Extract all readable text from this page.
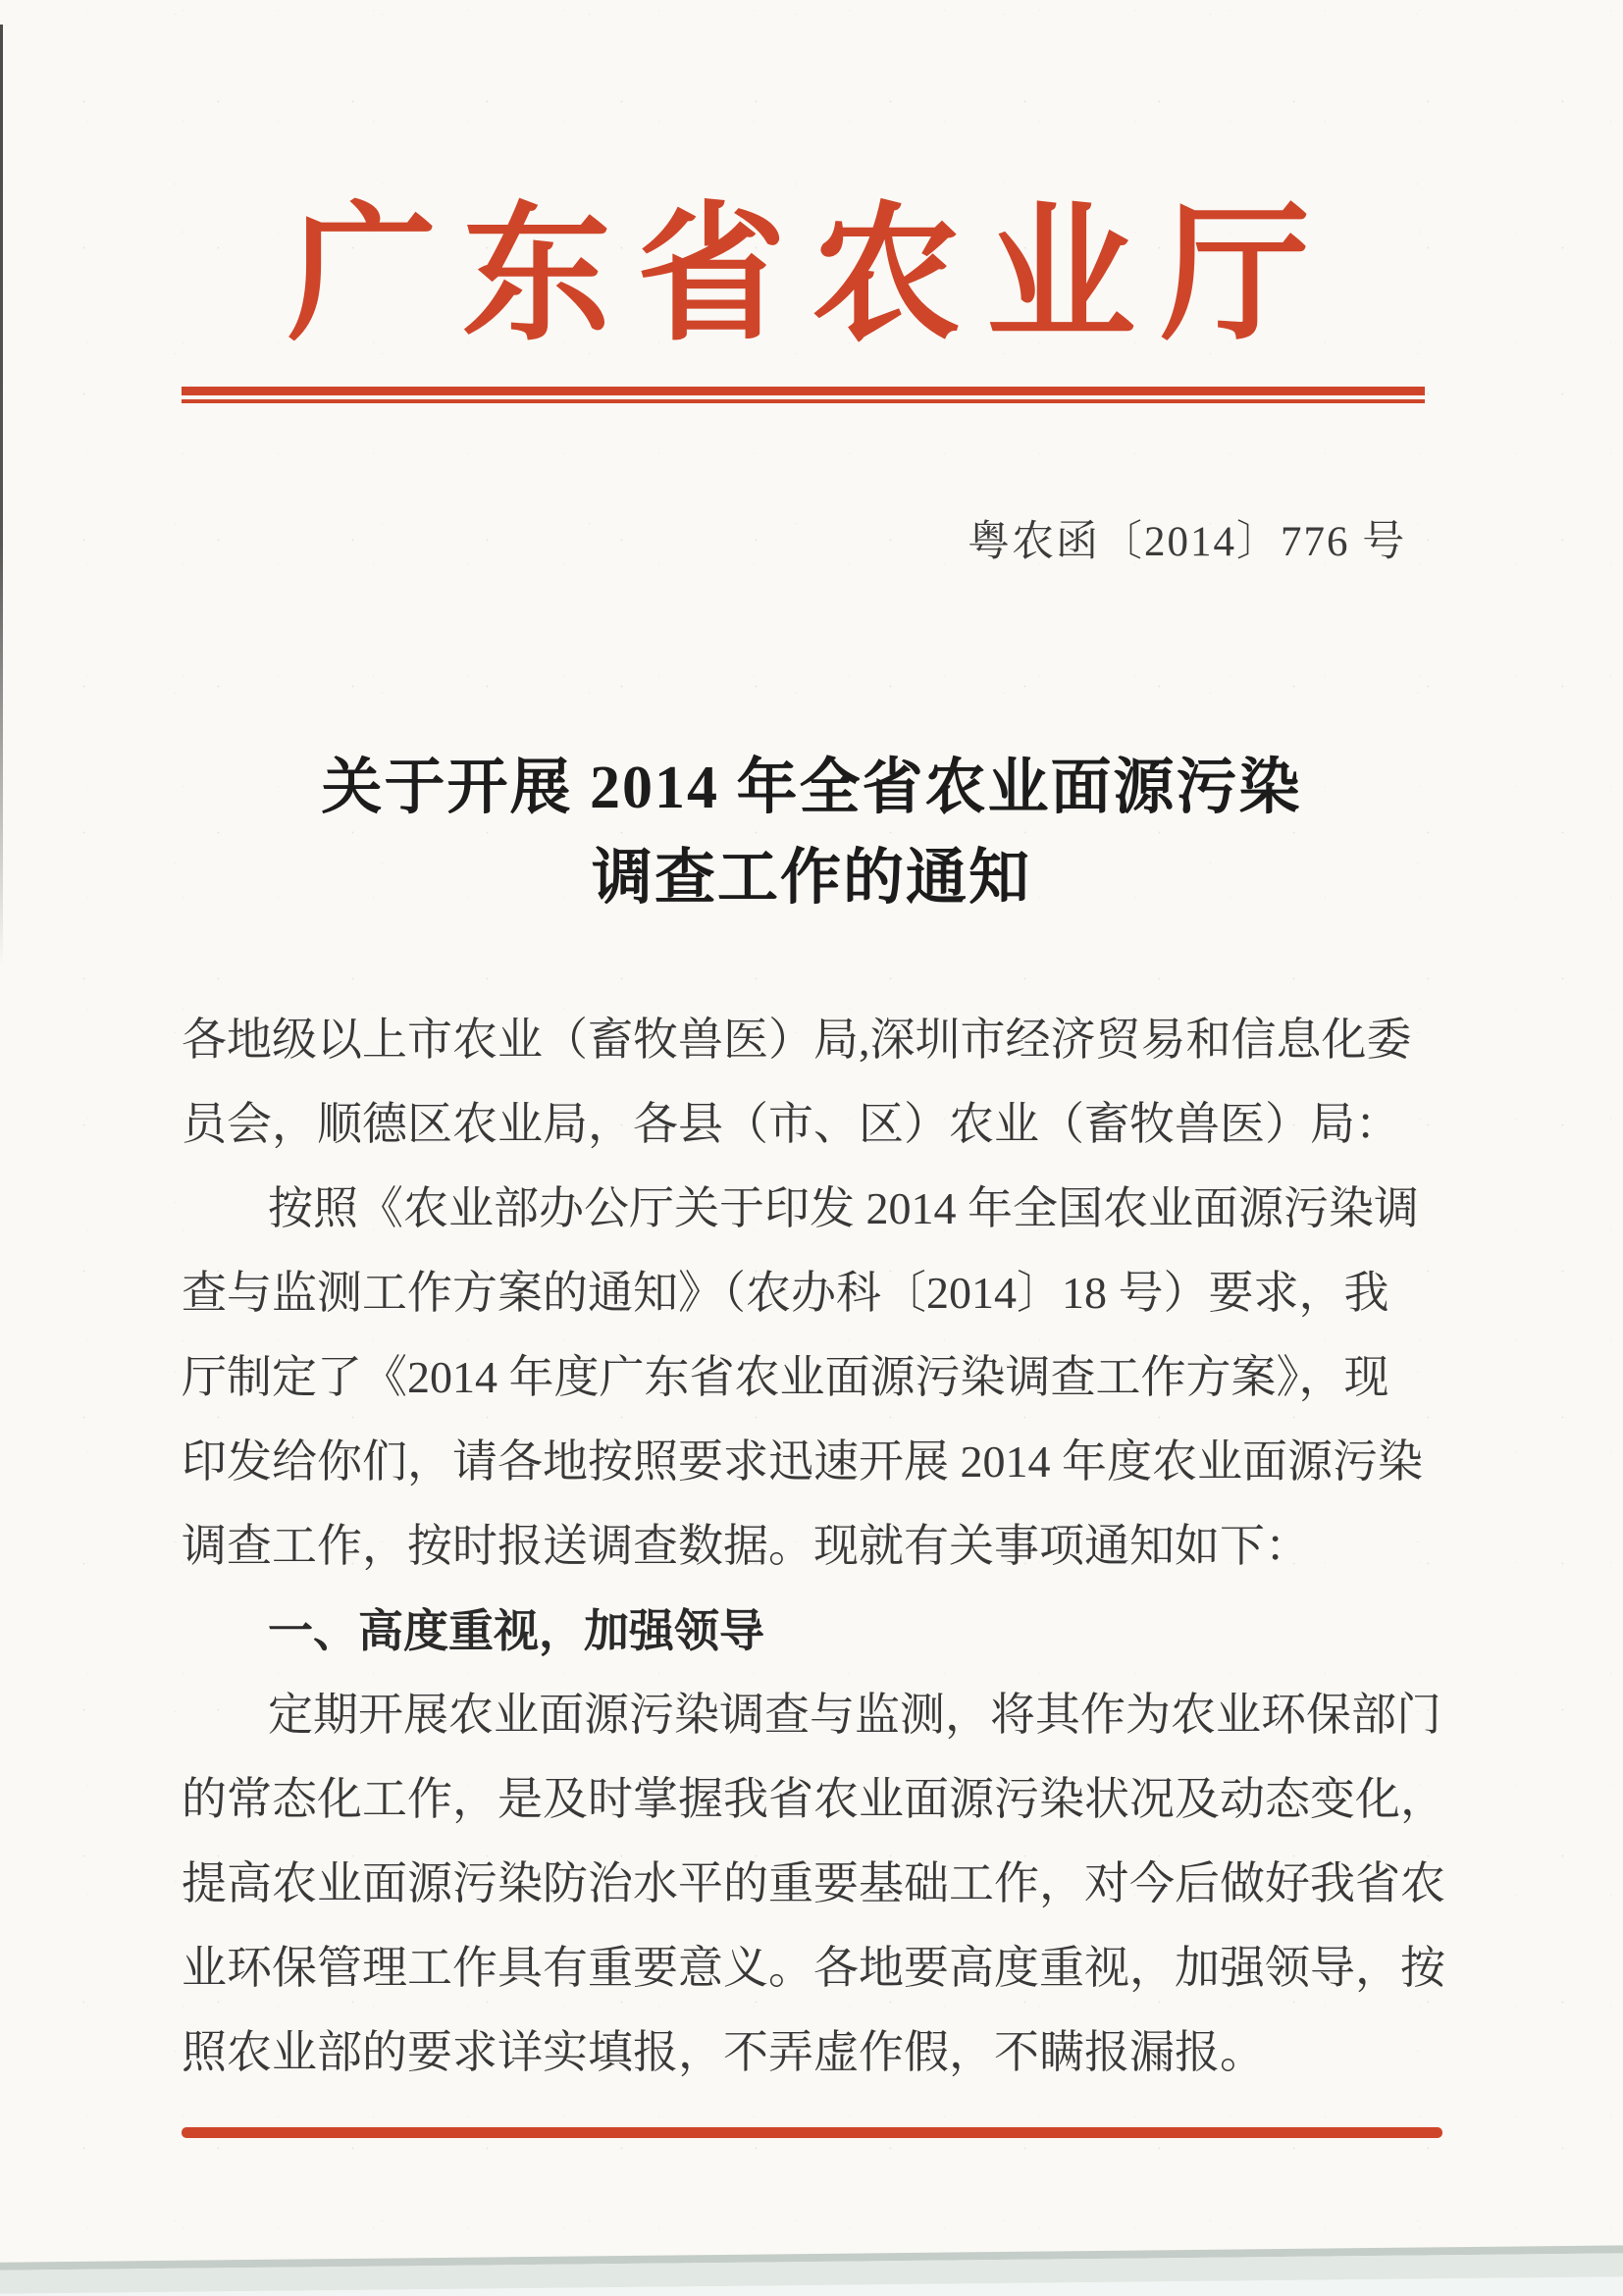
广东省农业厅
粤农函〔2014〕776 号
关于开展 2014 年全省农业面源污染
调查工作的通知
各地级以上市农业（畜牧兽医）局,深圳市经济贸易和信息化委
员会，顺德区农业局，各县（市、区）农业（畜牧兽医）局：
按照《农业部办公厅关于印发 2014 年全国农业面源污染调
查与监测工作方案的通知》（农办科〔2014〕18 号）要求，我
厅制定了《2014 年度广东省农业面源污染调查工作方案》，现
印发给你们，请各地按照要求迅速开展 2014 年度农业面源污染
调查工作，按时报送调查数据。现就有关事项通知如下：
一、高度重视，加强领导
定期开展农业面源污染调查与监测，将其作为农业环保部门
的常态化工作，是及时掌握我省农业面源污染状况及动态变化，
提高农业面源污染防治水平的重要基础工作，对今后做好我省农
业环保管理工作具有重要意义。各地要高度重视，加强领导，按
照农业部的要求详实填报，不弄虚作假，不瞒报漏报。
